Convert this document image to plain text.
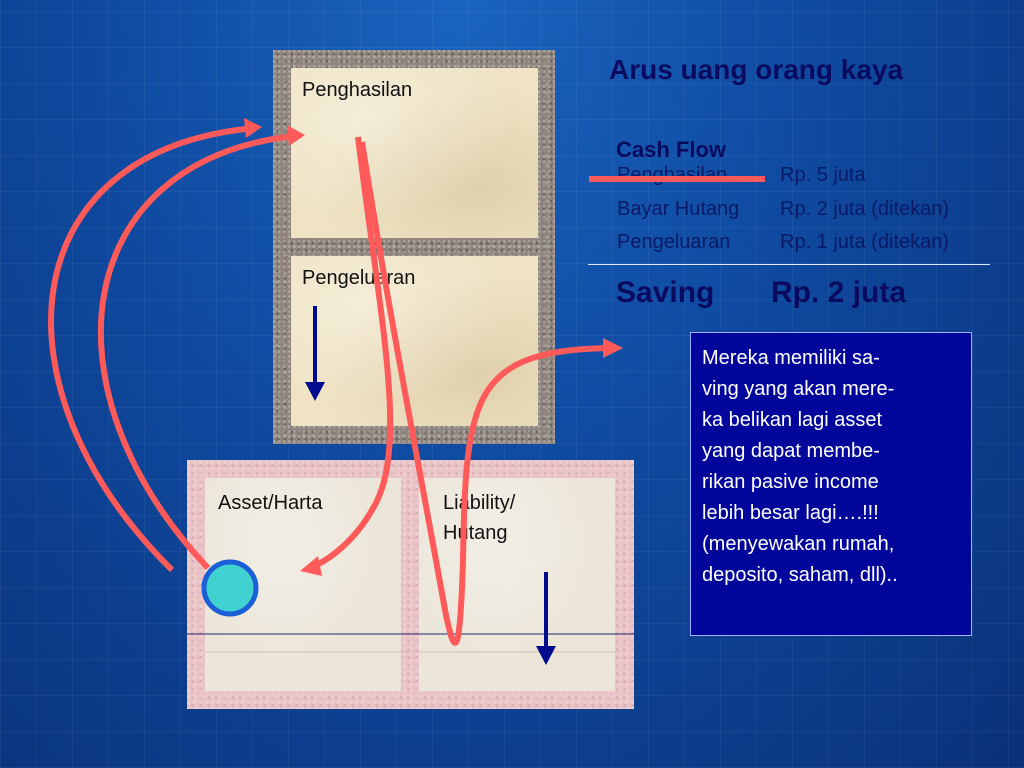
Penghasilan
Pengeluaran
Asset/Harta	Liability/
Hutang
Arus uang orang kaya
Cash Flow
Penghasilan	Rp. 5 juta
Bayar Hutang Rp. 2 juta (ditekan)
Pengeluaran Rp. 1 juta (ditekan)
Saving Rp. 2 juta
Mereka memiliki sa-
ving yang akan mere-
ka belikan lagi asset
yang dapat membe-
rikan pasive income
lebih besar lagi….!!!
(menyewakan rumah,
deposito, saham, dll)..
